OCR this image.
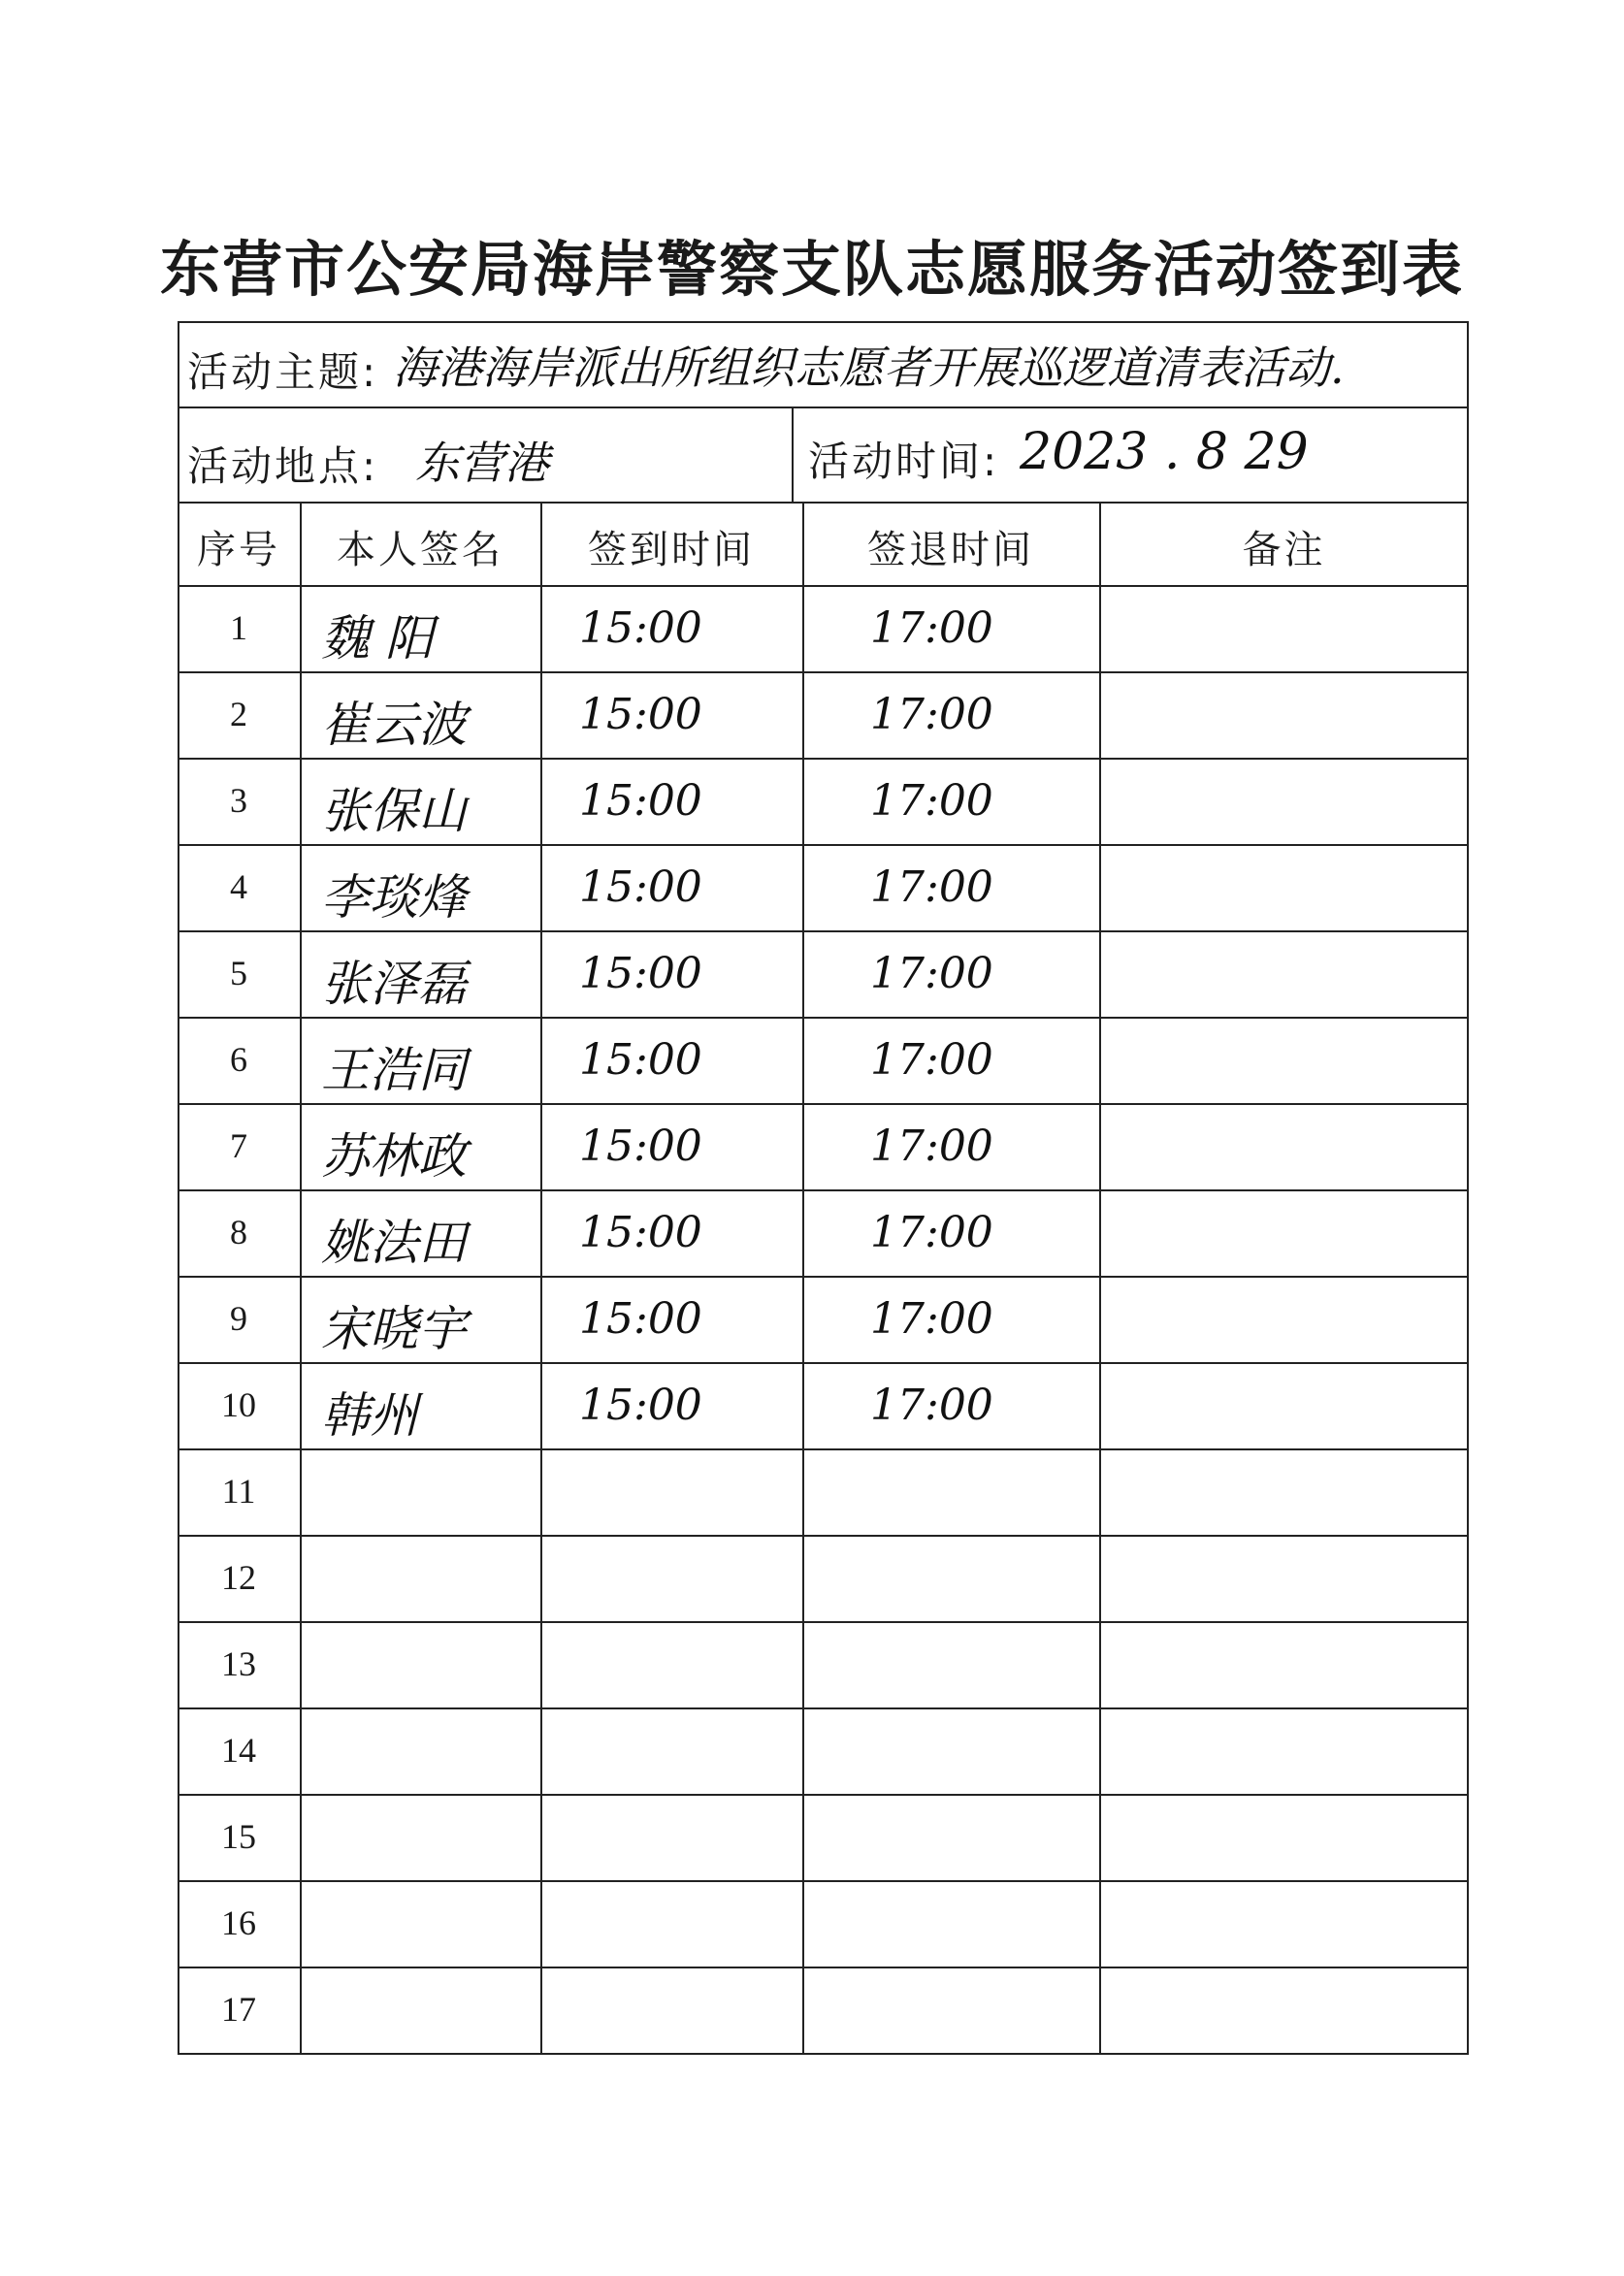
东营市公安局海岸警察支队志愿服务活动签到表
活动主题: 海港海岸派出所组织志愿者开展巡逻道清表活动.
活动地点: 东营港	活动时间: 2023 . 8 29
序号	本人签名	签到时间	签退时间	备注
1	魏 阳	15:00	17:00
2	崔云波	15:00	17:00
3	张保山	15:00	17:00
4	李琰烽	15:00	17:00
5	张泽磊	15:00	17:00
6	王浩同	15:00	17:00
7	苏林政	15:00	17:00
8	姚法田	15:00	17:00
9	宋晓宇	15:00	17:00
10	韩州	15:00	17:00
11
12
13
14
15
16
17
